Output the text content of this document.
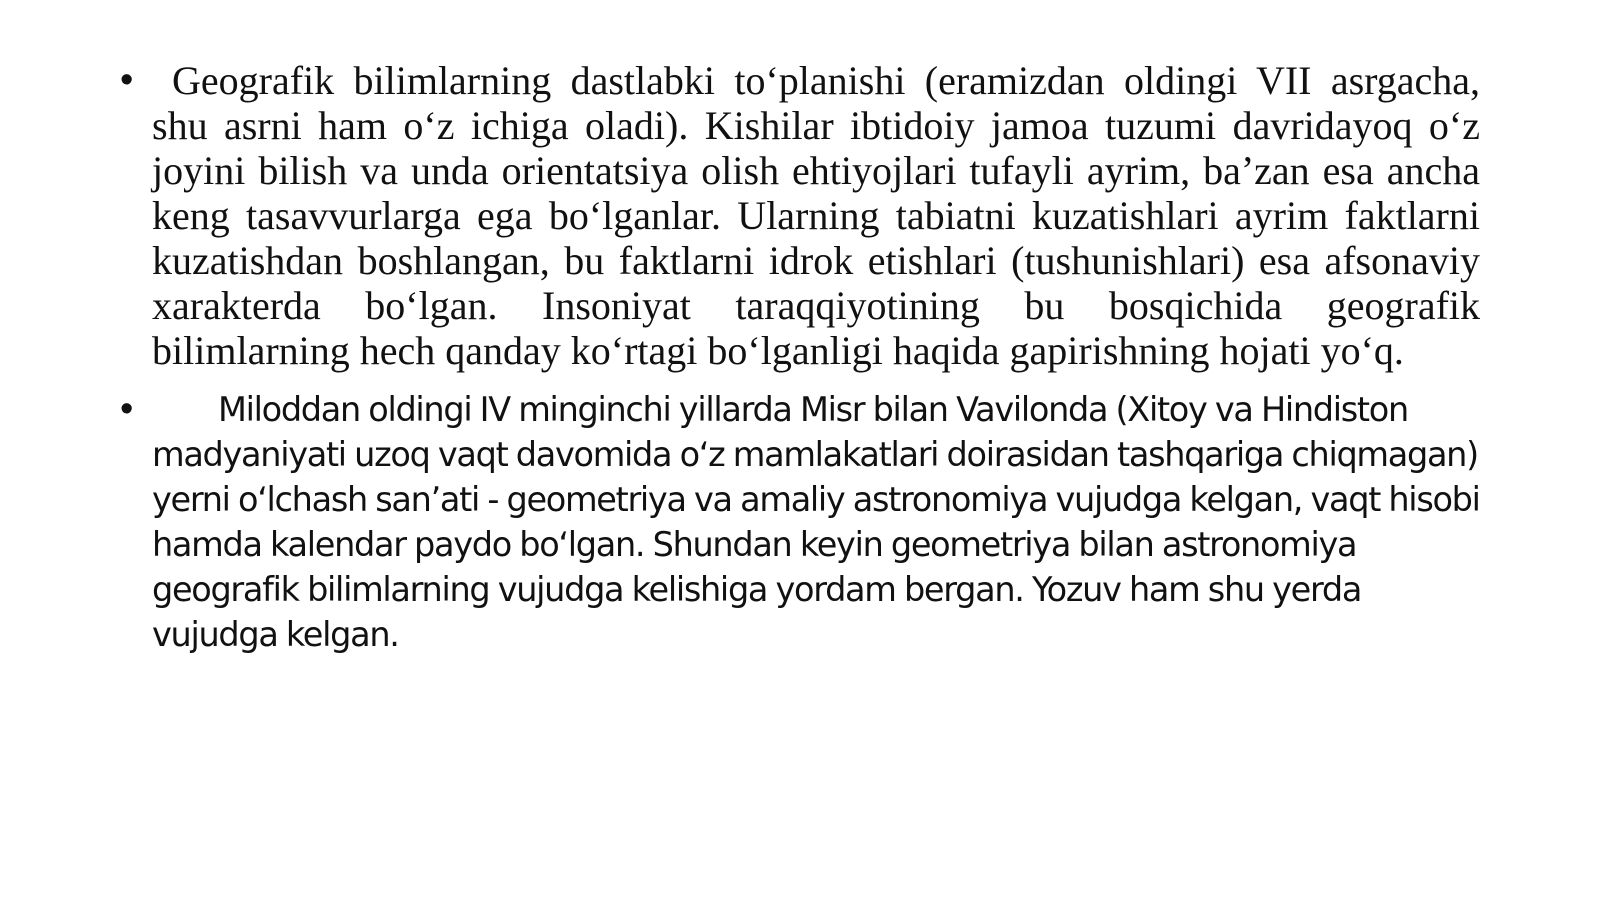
• Geografik bilimlarning dastlabki toʻplanishi (eramizdan oldingi VII asrgacha, shu asrni ham oʻz ichiga oladi). Kishilar ibtidoiy jamoa tuzumi davridayoq oʻz joyini bilish va unda orientatsiya olish ehtiyojlari tufayli ayrim, baʼzan esa ancha keng tasavvurlarga ega boʻlganlar. Ularning tabiatni kuzatishlari ayrim faktlarni kuzatishdan boshlangan, bu faktlarni idrok etishlari (tushunishlari) esa afsonaviy xarakterda boʻlgan. Insoniyat taraqqiyotining bu bosqichida geografik bilimlarning hech qanday koʻrtagi boʻlganligi haqida gapirishning hojati yoʻq.
•	Miloddan oldingi IV minginchi yillarda Misr bilan Vavilonda (Xitoy va Hindiston madyaniyati uzoq vaqt davomida oʻz mamlakatlari doirasidan tashqariga chiqmagan) yerni oʻlchash sanʼati - geometriya va amaliy astronomiya vujudga kelgan, vaqt hisobi hamda kalendar paydo boʻlgan. Shundan keyin geometriya bilan astronomiya geografik bilimlarning vujudga kelishiga yordam bergan. Yozuv ham shu yerda vujudga kelgan.
